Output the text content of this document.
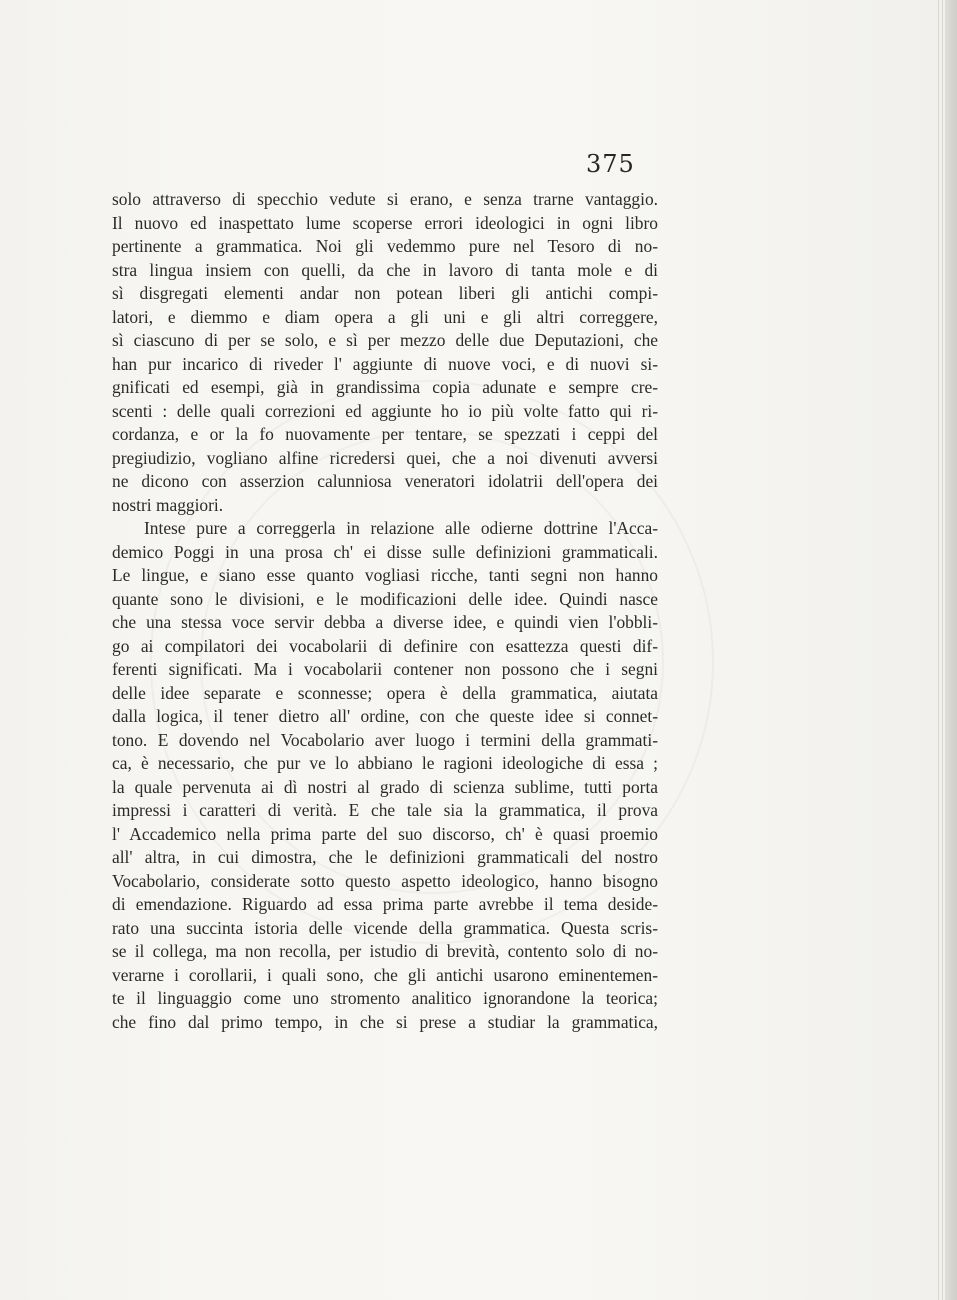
375
solo attraverso di specchio vedute si erano, e senza trarne vantaggio.
Il nuovo ed inaspettato lume scoperse errori ideologici in ogni libro
pertinente a grammatica. Noi gli vedemmo pure nel Tesoro di no-
stra lingua insiem con quelli, da che in lavoro di tanta mole e di
sì disgregati elementi andar non potean liberi gli antichi compi-
latori, e diemmo e diam opera a gli uni e gli altri correggere,
sì ciascuno di per se solo, e sì per mezzo delle due Deputazioni, che
han pur incarico di riveder l' aggiunte di nuove voci, e di nuovi si-
gnificati ed esempi, già in grandissima copia adunate e sempre cre-
scenti : delle quali correzioni ed aggiunte ho io più volte fatto qui ri-
cordanza, e or la fo nuovamente per tentare, se spezzati i ceppi del
pregiudizio, vogliano alfine ricredersi quei, che a noi divenuti avversi
ne dicono con asserzion calunniosa veneratori idolatrii dell'opera dei
nostri maggiori.
Intese pure a correggerla in relazione alle odierne dottrine l'Acca-
demico Poggi in una prosa ch' ei disse sulle definizioni grammaticali.
Le lingue, e siano esse quanto vogliasi ricche, tanti segni non hanno
quante sono le divisioni, e le modificazioni delle idee. Quindi nasce
che una stessa voce servir debba a diverse idee, e quindi vien l'obbli-
go ai compilatori dei vocabolarii di definire con esattezza questi dif-
ferenti significati. Ma i vocabolarii contener non possono che i segni
delle idee separate e sconnesse; opera è della grammatica, aiutata
dalla logica, il tener dietro all' ordine, con che queste idee si connet-
tono. E dovendo nel Vocabolario aver luogo i termini della grammati-
ca, è necessario, che pur ve lo abbiano le ragioni ideologiche di essa ;
la quale pervenuta ai dì nostri al grado di scienza sublime, tutti porta
impressi i caratteri di verità. E che tale sia la grammatica, il prova
l' Accademico nella prima parte del suo discorso, ch' è quasi proemio
all' altra, in cui dimostra, che le definizioni grammaticali del nostro
Vocabolario, considerate sotto questo aspetto ideologico, hanno bisogno
di emendazione. Riguardo ad essa prima parte avrebbe il tema deside-
rato una succinta istoria delle vicende della grammatica. Questa scris-
se il collega, ma non recolla, per istudio di brevità, contento solo di no-
verarne i corollarii, i quali sono, che gli antichi usarono eminentemen-
te il linguaggio come uno stromento analitico ignorandone la teorica;
che fino dal primo tempo, in che si prese a studiar la grammatica,
